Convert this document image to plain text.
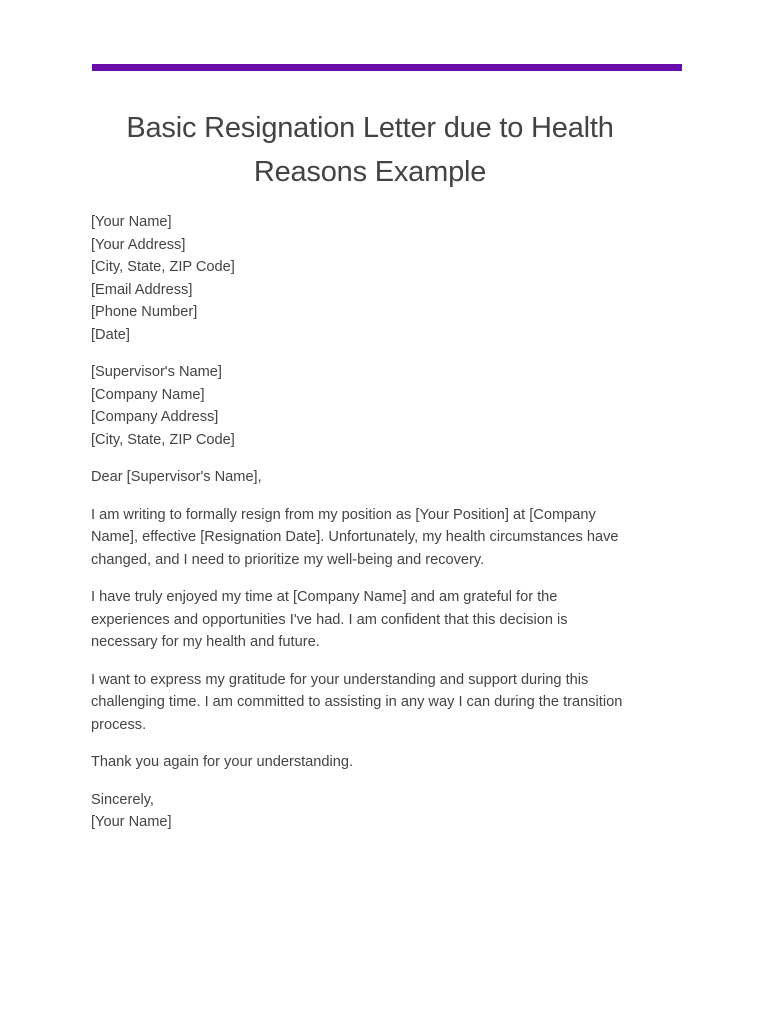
Basic Resignation Letter due to Health Reasons Example
[Your Name]
[Your Address]
[City, State, ZIP Code]
[Email Address]
[Phone Number]
[Date]
[Supervisor's Name]
[Company Name]
[Company Address]
[City, State, ZIP Code]
Dear [Supervisor's Name],
I am writing to formally resign from my position as [Your Position] at [Company
Name], effective [Resignation Date]. Unfortunately, my health circumstances have
changed, and I need to prioritize my well-being and recovery.
I have truly enjoyed my time at [Company Name] and am grateful for the
experiences and opportunities I've had. I am confident that this decision is
necessary for my health and future.
I want to express my gratitude for your understanding and support during this
challenging time. I am committed to assisting in any way I can during the transition
process.
Thank you again for your understanding.
Sincerely,
[Your Name]
